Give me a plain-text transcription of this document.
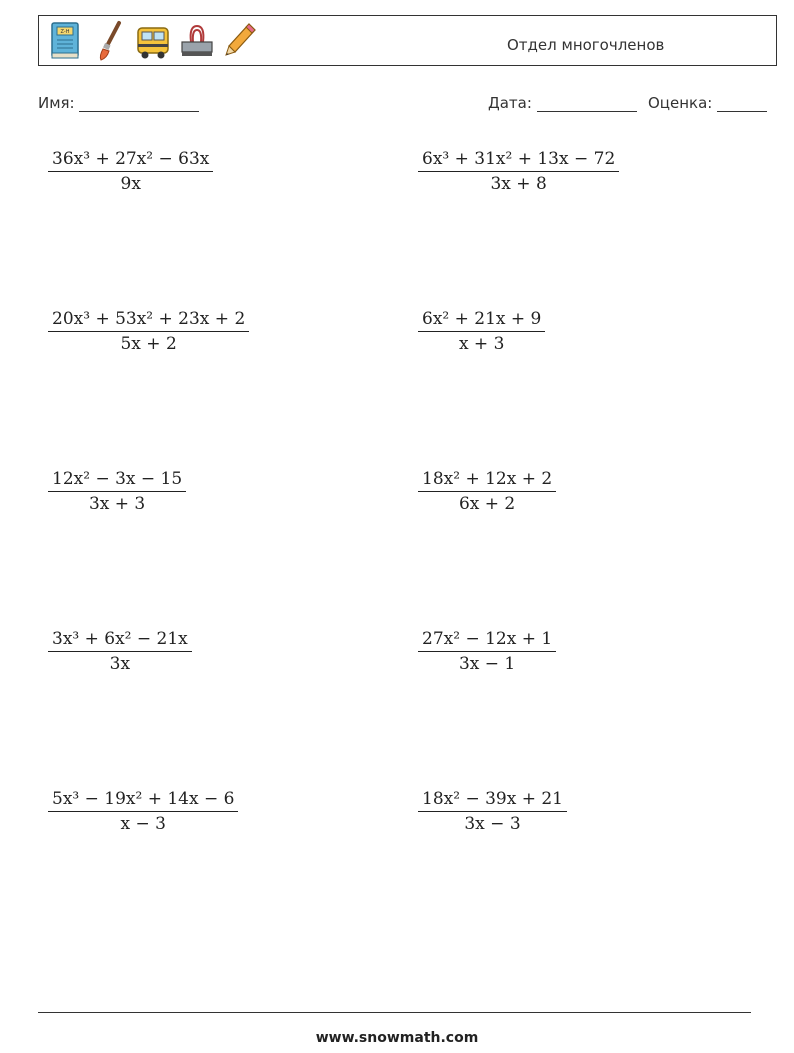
Z-H
Отдел многочленов
Имя:	Дата:	Оценка:
$\frac{\text{36x³ + 27x² − 63x}}{9x}$	$\frac{\text{6x³ + 31x² + 13x − 72}}{3x + 8}$
$\frac{\text{20x³ + 53x² + 23x + 2}}{5x + 2}$	$\frac{\text{6x² + 21x + 9}}{x + 3}$
$\frac{\text{12x² − 3x − 15}}{3x + 3}$	$\frac{\text{18x² + 12x + 2}}{6x + 2}$
$\frac{\text{3x³ + 6x² − 21x}}{3x}$	$\frac{\text{27x² − 12x + 1}}{3x - 1}$
$\frac{\text{5x³ − 19x² + 14x − 6}}{x - 3}$	$\frac{\text{18x² − 39x + 21}}{3x - 3}$
www.snowmath.com
